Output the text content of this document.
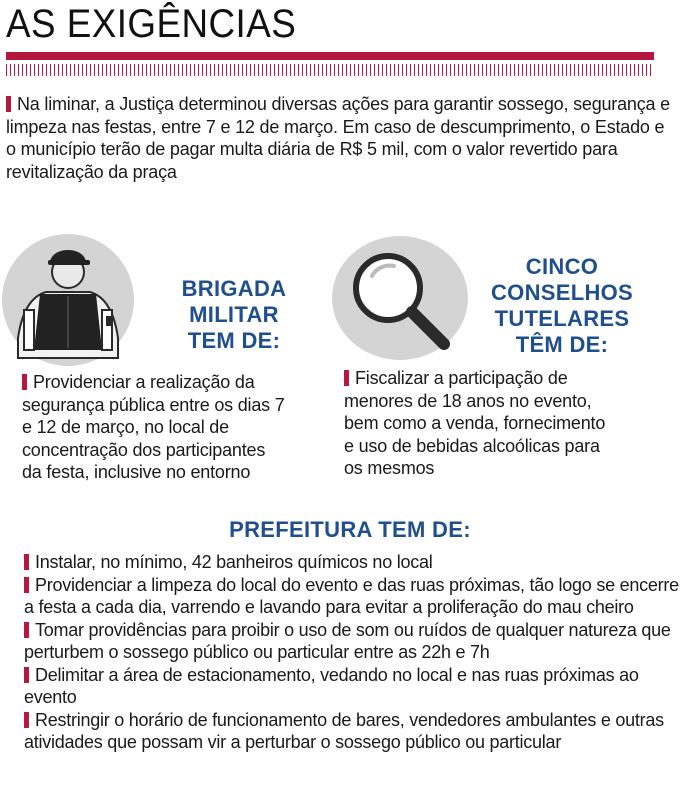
AS EXIGÊNCIAS
Na liminar, a Justiça determinou diversas ações para garantir sossego, segurança e limpeza nas festas, entre 7 e 12 de março. Em caso de descumprimento, o Estado e o município terão de pagar multa diária de R$ 5 mil, com o valor revertido para revitalização da praça
BRIGADA
MILITAR
TEM DE:
Providenciar a realização da segurança pública entre os dias 7 e 12 de março, no local de concentração dos participantes da festa, inclusive no entorno
CINCO
CONSELHOS
TUTELARES
TÊM DE:
Fiscalizar a participação de menores de 18 anos no evento, bem como a venda, fornecimento e uso de bebidas alcoólicas para os mesmos
PREFEITURA TEM DE:

Instalar, no mínimo, 42 banheiros químicos no local

Providenciar a limpeza do local do evento e das ruas próximas, tão logo se encerre a festa a cada dia, varrendo e lavando para evitar a proliferação do mau cheiro

Tomar providências para proibir o uso de som ou ruídos de qualquer natureza que perturbem o sossego público ou particular entre as 22h e 7h

Delimitar a área de estacionamento, vedando no local e nas ruas próximas ao evento

Restringir o horário de funcionamento de bares, vendedores ambulantes e outras atividades que possam vir a perturbar o sossego público ou particular
